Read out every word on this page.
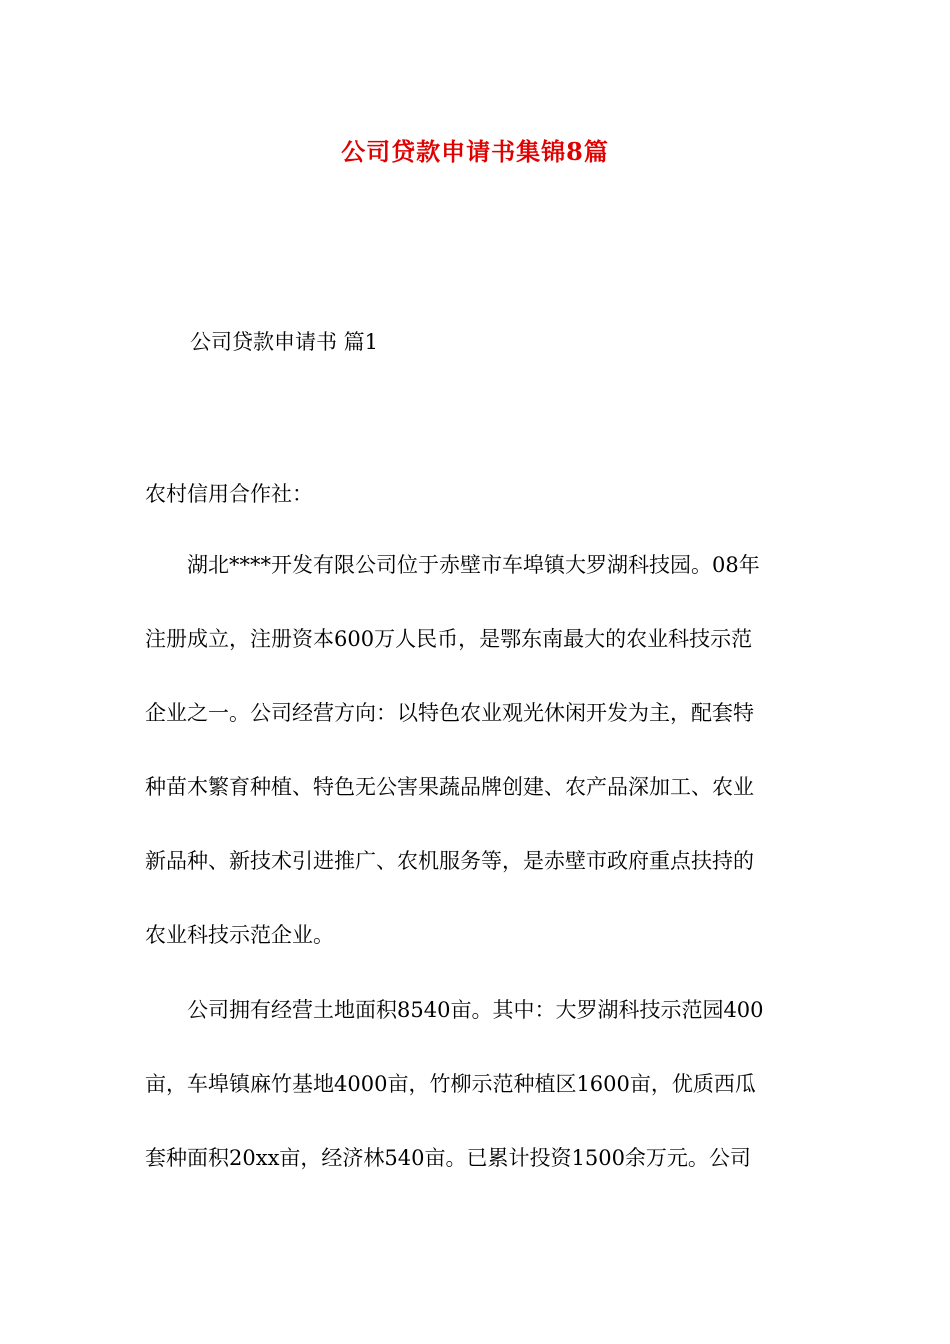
公司贷款申请书集锦8篇
公司贷款申请书 篇1
农村信用合作社：
湖北****开发有限公司位于赤壁市车埠镇大罗湖科技园。08年
注册成立，注册资本600万人民币，是鄂东南最大的农业科技示范
企业之一。公司经营方向：以特色农业观光休闲开发为主，配套特
种苗木繁育种植、特色无公害果蔬品牌创建、农产品深加工、农业
新品种、新技术引进推广、农机服务等，是赤壁市政府重点扶持的
农业科技示范企业。
公司拥有经营土地面积8540亩。其中：大罗湖科技示范园400
亩，车埠镇麻竹基地4000亩，竹柳示范种植区1600亩，优质西瓜
套种面积20xx亩，经济林540亩。已累计投资1500余万元。公司
